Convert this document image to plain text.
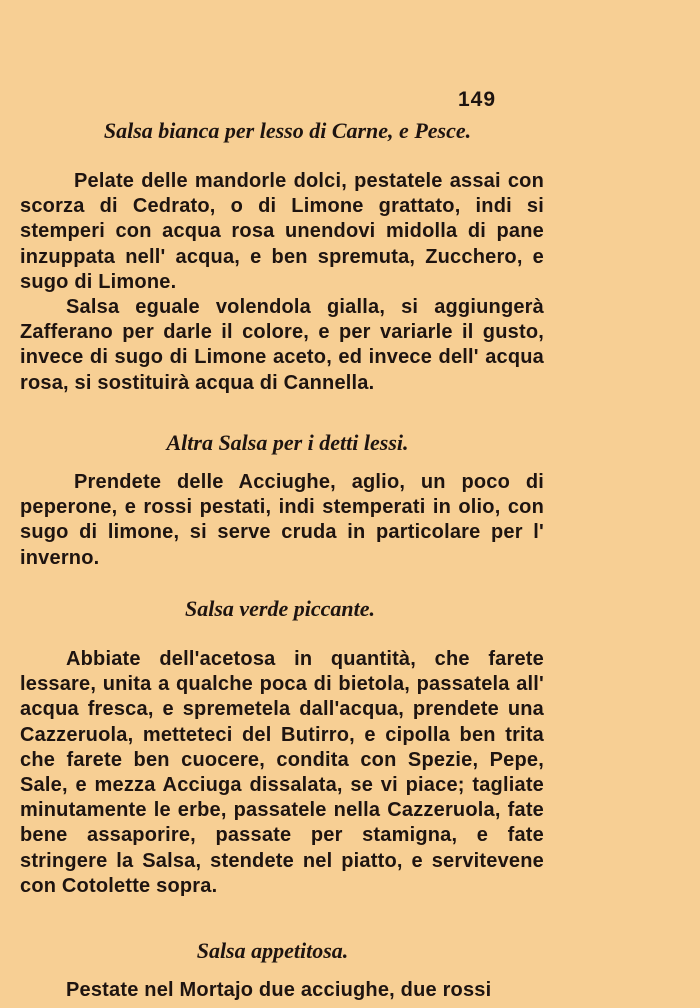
149
Salsa bianca per lesso di Carne, e Pesce.
Pelate delle mandorle dolci, pestatele assai con scorza di Cedrato, o di Limone grattato, indi si stemperi con acqua rosa unendovi midolla di pane inzuppata nell' acqua, e ben spremuta, Zucchero, e sugo di Limone.
Salsa eguale volendola gialla, si aggiungerà Zafferano per darle il colore, e per variarle il gusto, invece di sugo di Limone aceto, ed invece dell' acqua rosa, si sostituirà acqua di Cannella.
Altra Salsa per i detti lessi.
Prendete delle Acciughe, aglio, un poco di peperone, e rossi pestati, indi stemperati in olio, con sugo di limone, si serve cruda in particolare per l' inverno.
Salsa verde piccante.
Abbiate dell'acetosa in quantità, che farete lessare, unita a qualche poca di bietola, passatela all' acqua fresca, e spremetela dall'acqua, prendete una Cazzeruola, metteteci del Butirro, e cipolla ben trita che farete ben cuocere, condita con Spezie, Pepe, Sale, e mezza Acciuga dissalata, se vi piace; tagliate minutamente le erbe, passatele nella Cazzeruola, fate bene assaporire, passate per stamigna, e fate stringere la Salsa, stendete nel piatto, e servitevene con Cotolette sopra.
Salsa appetitosa.
Pestate nel Mortajo due acciughe, due rossi
